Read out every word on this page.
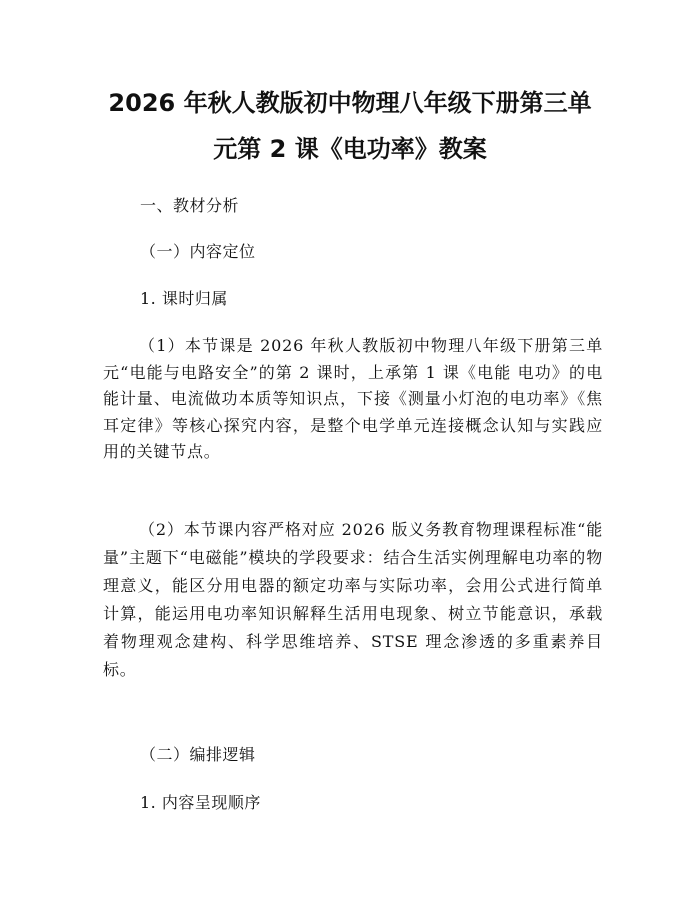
2026 年秋人教版初中物理八年级下册第三单
元第 2 课《电功率》教案
一、教材分析
（一）内容定位
1. 课时归属
（1）本节课是 2026 年秋人教版初中物理八年级下册第三单元“电能与电路安全”的第 2 课时，上承第 1 课《电能 电功》的电能计量、电流做功本质等知识点，下接《测量小灯泡的电功率》《焦耳定律》等核心探究内容，是整个电学单元连接概念认知与实践应用的关键节点。
（2）本节课内容严格对应 2026 版义务教育物理课程标准“能量”主题下“电磁能”模块的学段要求：结合生活实例理解电功率的物理意义，能区分用电器的额定功率与实际功率，会用公式进行简单计算，能运用电功率知识解释生活用电现象、树立节能意识，承载着物理观念建构、科学思维培养、STSE 理念渗透的多重素养目标。
（二）编排逻辑
1. 内容呈现顺序
